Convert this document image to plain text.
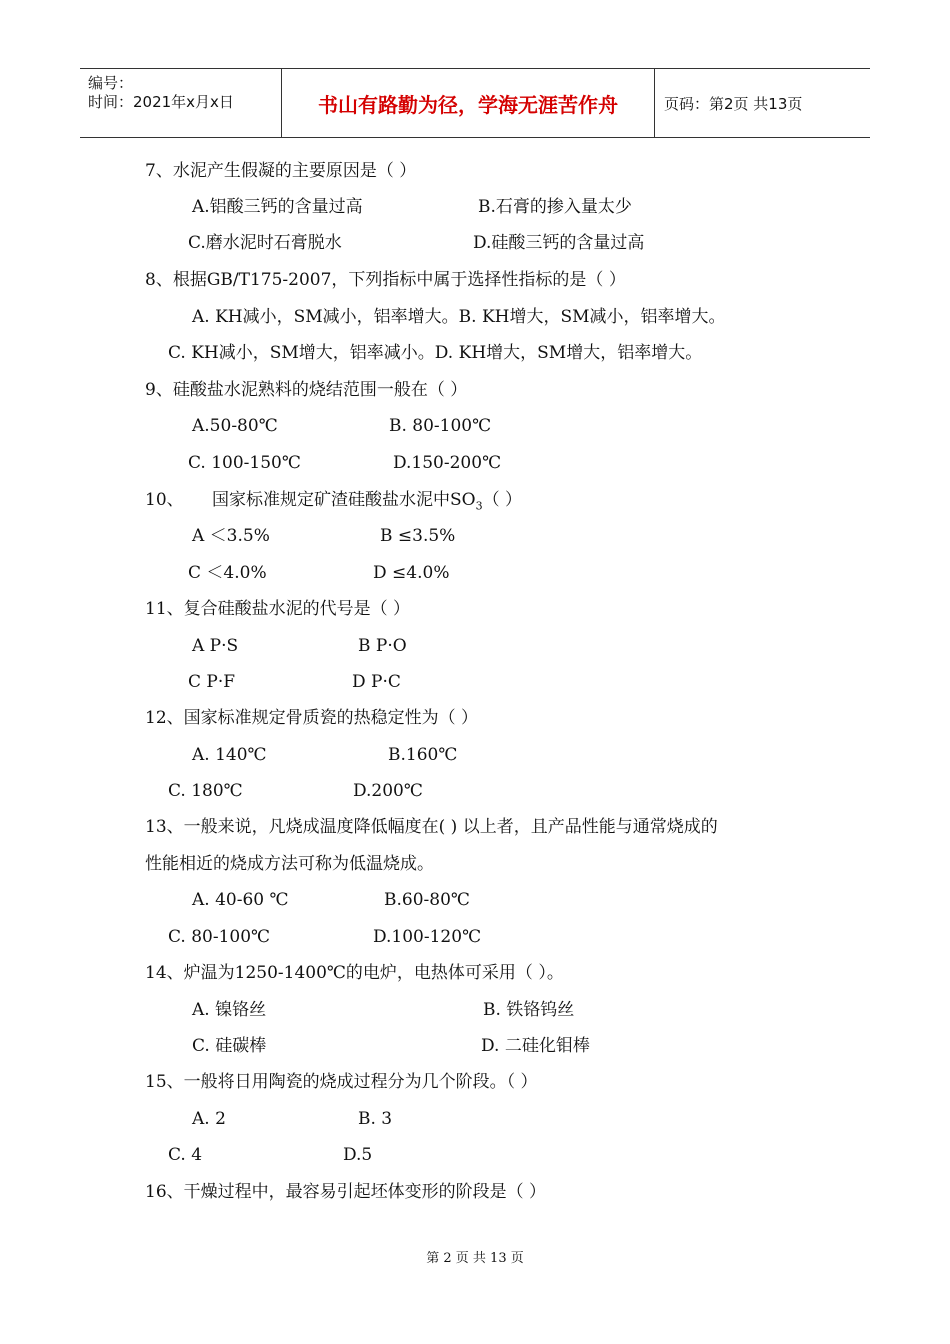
编号：
时间：2021年x月x日	书山有路勤为径，学海无涯苦作舟	页码：第2页 共13页
7、水泥产生假凝的主要原因是（ ）
A.铝酸三钙的含量过高	B.石膏的掺入量太少
C.磨水泥时石膏脱水	D.硅酸三钙的含量过高
8、根据GB/T175-2007，下列指标中属于选择性指标的是（ ）
A. KH减小，SM减小，铝率增大。B. KH增大，SM减小，铝率增大。
C. KH减小，SM增大，铝率减小。D. KH增大，SM增大，铝率增大。
9、硅酸盐水泥熟料的烧结范围一般在（ ）
A.50-80℃	B. 80-100℃
C. 100-150℃	D.150-200℃
10、 国家标准规定矿渣硅酸盐水泥中$SO_3$（ ）
A ＜3.5%	B ≤3.5%
C ＜4.0%	D ≤4.0%
11、复合硅酸盐水泥的代号是（ ）
A P·S	B P·O
C P·F	D P·C
12、国家标准规定骨质瓷的热稳定性为（ ）
A. 140℃	B.160℃
C. 180℃	D.200℃
13、一般来说，凡烧成温度降低幅度在( ) 以上者，且产品性能与通常烧成的
性能相近的烧成方法可称为低温烧成。
A. 40-60 ℃	B.60-80℃
C. 80-100℃	D.100-120℃
14、炉温为1250-1400℃的电炉，电热体可采用（ ）。
A. 镍铬丝	B. 铁铬钨丝
C. 硅碳棒	D. 二硅化钼棒
15、一般将日用陶瓷的烧成过程分为几个阶段。（ ）
A. 2	B. 3
C. 4	D.5
16、干燥过程中，最容易引起坯体变形的阶段是（ ）
第 2 页 共 13 页
